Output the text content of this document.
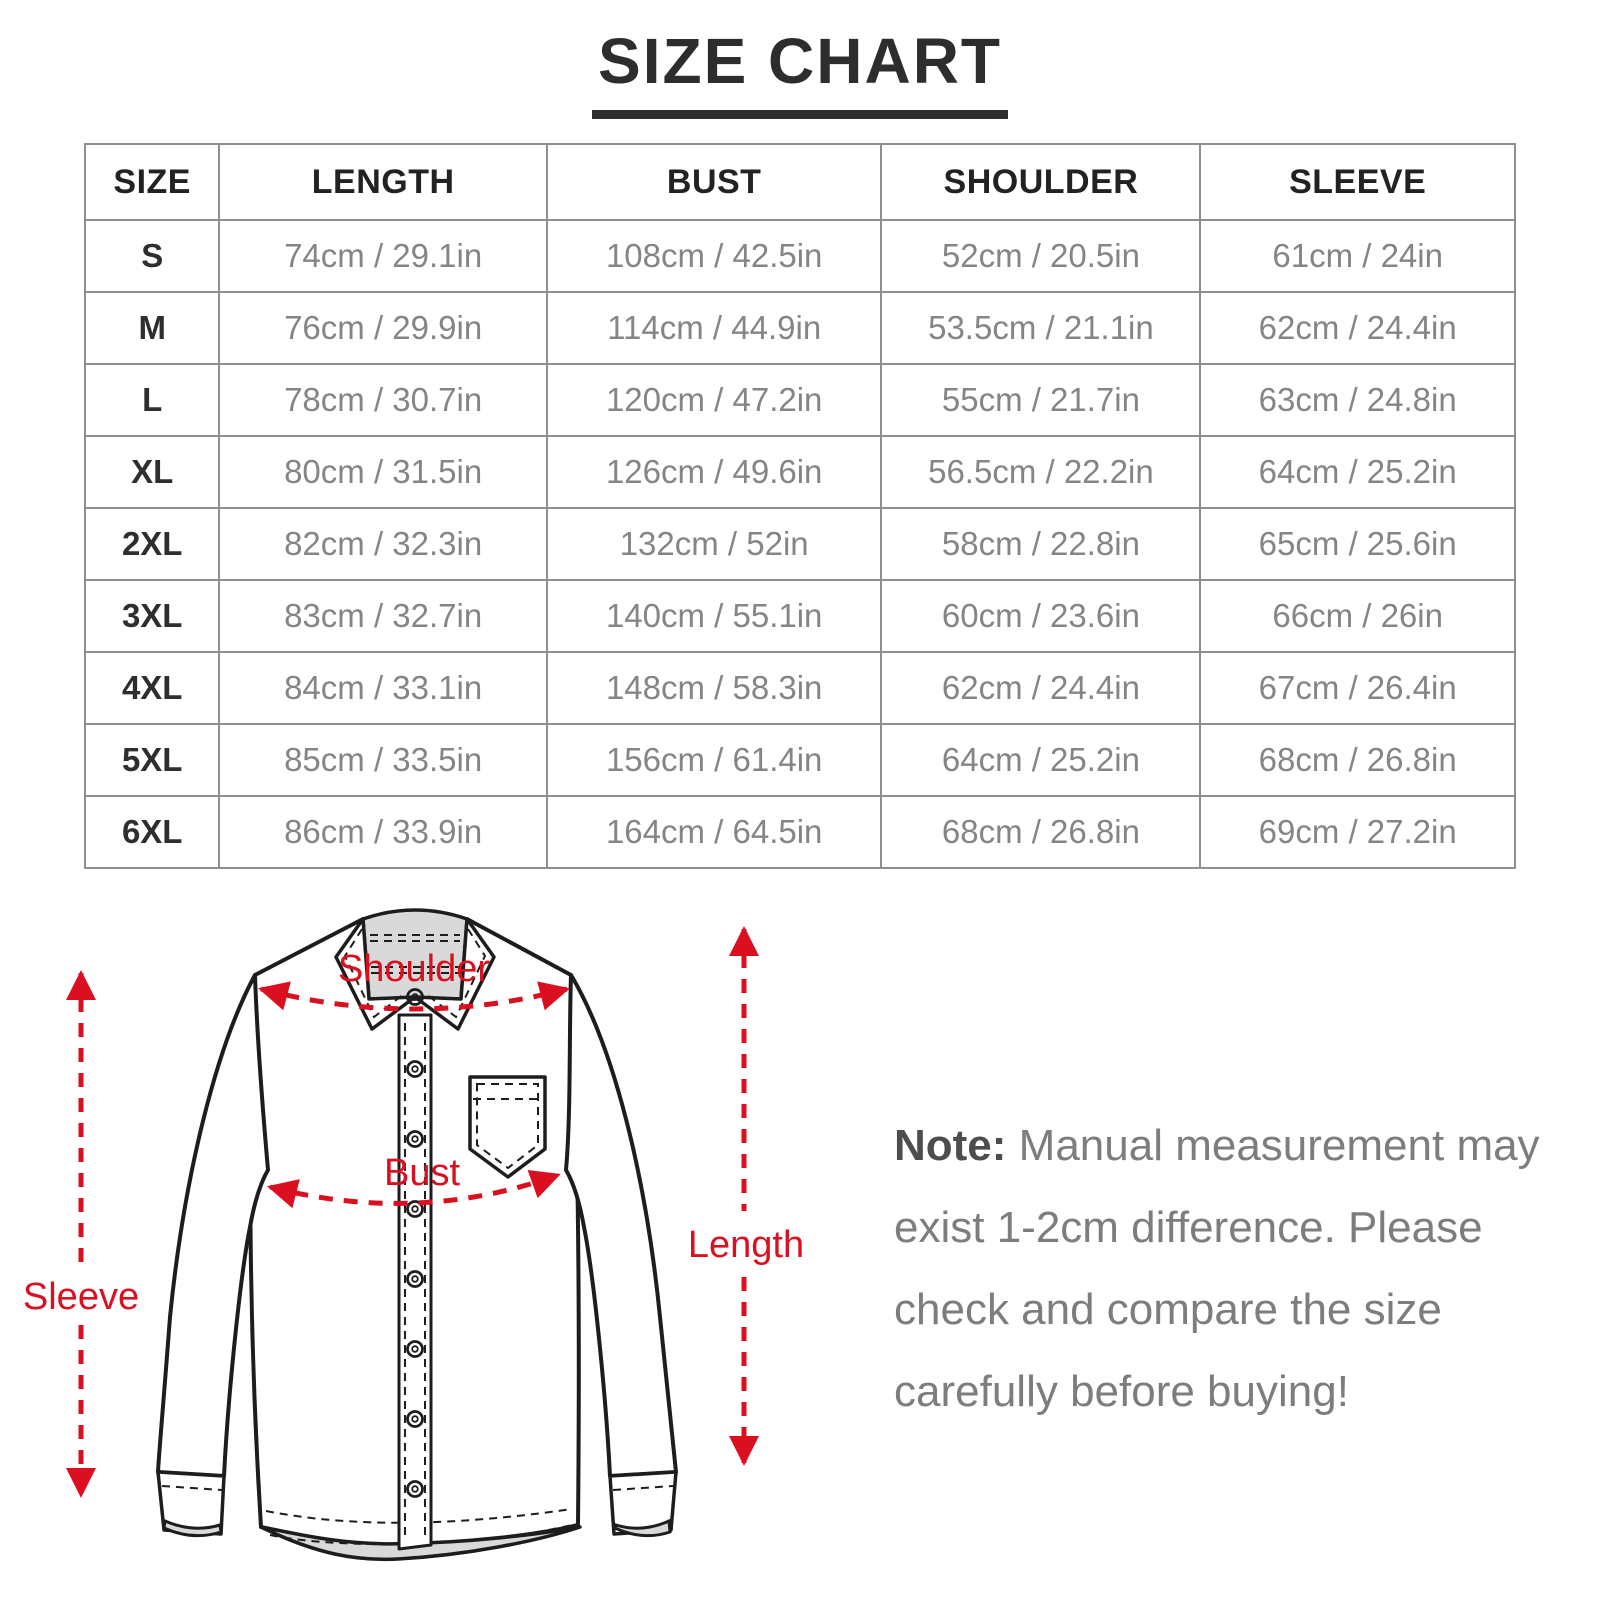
SIZE CHART
SIZE	LENGTH	BUST	SHOULDER	SLEEVE
S	74cm / 29.1in	108cm / 42.5in	52cm / 20.5in	61cm / 24in
M	76cm / 29.9in	114cm / 44.9in	53.5cm / 21.1in	62cm / 24.4in
L	78cm / 30.7in	120cm / 47.2in	55cm / 21.7in	63cm / 24.8in
XL	80cm / 31.5in	126cm / 49.6in	56.5cm / 22.2in	64cm / 25.2in
2XL	82cm / 32.3in	132cm / 52in	58cm / 22.8in	65cm / 25.6in
3XL	83cm / 32.7in	140cm / 55.1in	60cm / 23.6in	66cm / 26in
4XL	84cm / 33.1in	148cm / 58.3in	62cm / 24.4in	67cm / 26.4in
5XL	85cm / 33.5in	156cm / 61.4in	64cm / 25.2in	68cm / 26.8in
6XL	86cm / 33.9in	164cm / 64.5in	68cm / 26.8in	69cm / 27.2in
Shoulder
Bust
Sleeve
Length

Note: Manual measurement may exist 1-2cm difference. Please check and compare the size carefully before buying!
